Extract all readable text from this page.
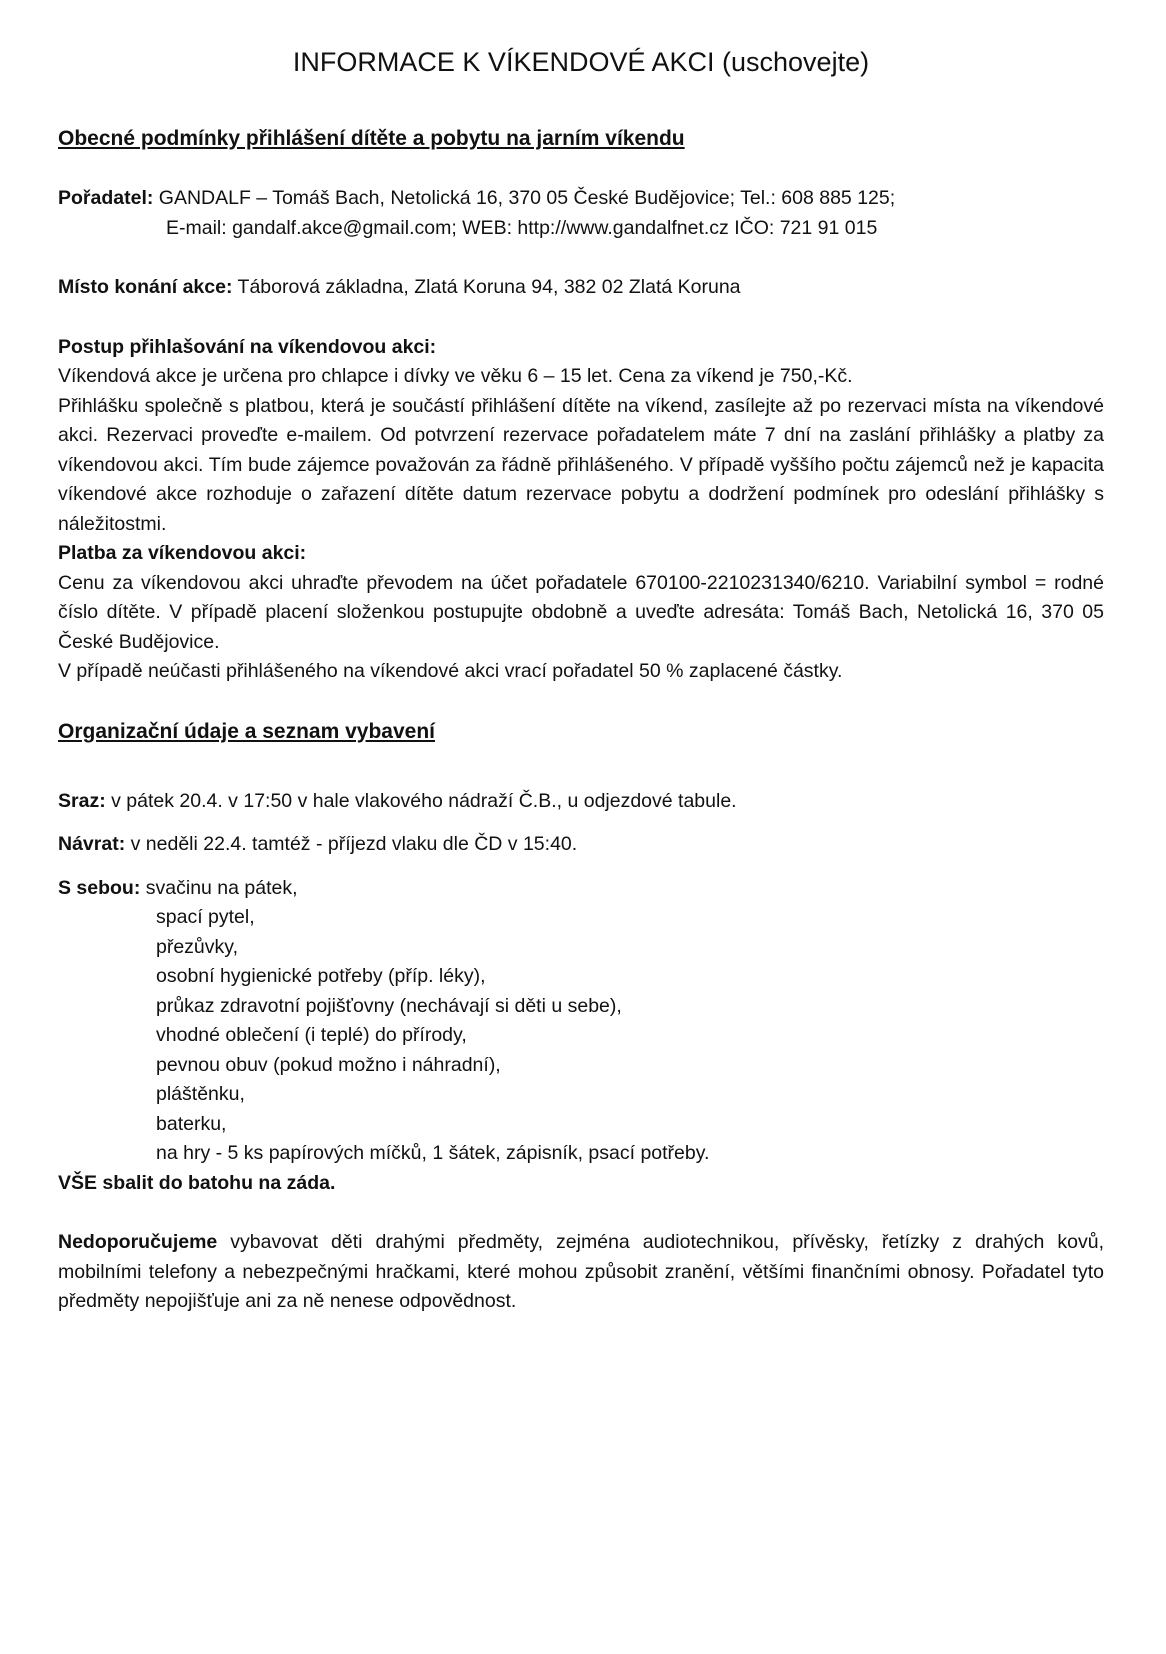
INFORMACE K VÍKENDOVÉ AKCI (uschovejte)
Obecné podmínky přihlášení dítěte a pobytu na jarním víkendu

Pořadatel: GANDALF – Tomáš Bach, Netolická 16, 370 05 České Budějovice; Tel.: 608 885 125;

E-mail: gandalf.akce@gmail.com; WEB: http://www.gandalfnet.cz IČO: 721 91 015

Místo konání akce: Táborová základna, Zlatá Koruna 94, 382 02 Zlatá Koruna

Postup přihlašování na víkendovou akci:

Víkendová akce je určena pro chlapce i dívky ve věku 6 – 15 let. Cena za víkend je 750,-Kč.

Přihlášku společně s platbou, která je součástí přihlášení dítěte na víkend, zasílejte až po rezervaci místa na víkendové akci. Rezervaci proveďte e-mailem. Od potvrzení rezervace pořadatelem máte 7 dní na zaslání přihlášky a platby za víkendovou akci. Tím bude zájemce považován za řádně přihlášeného. V případě vyššího počtu zájemců než je kapacita víkendové akce rozhoduje o zařazení dítěte datum rezervace pobytu a dodržení podmínek pro odeslání přihlášky s náležitostmi.

Platba za víkendovou akci:

Cenu za víkendovou akci uhraďte převodem na účet pořadatele 670100-2210231340/6210. Variabilní symbol = rodné číslo dítěte. V případě placení složenkou postupujte obdobně a uveďte adresáta: Tomáš Bach, Netolická 16, 370 05 České Budějovice.

V případě neúčasti přihlášeného na víkendové akci vrací pořadatel 50 % zaplacené částky.

Organizační údaje a seznam vybavení

Sraz: v pátek 20.4. v 17:50 v hale vlakového nádraží Č.B., u odjezdové tabule.

Návrat: v neděli 22.4. tamtéž - příjezd vlaku dle ČD v 15:40.

S sebou: svačinu na pátek,

spací pytel,
přezůvky,
osobní hygienické potřeby (příp. léky),
průkaz zdravotní pojišťovny (nechávají si děti u sebe),
vhodné oblečení (i teplé) do přírody,
pevnou obuv (pokud možno i náhradní),
pláštěnku,
baterku,
na hry - 5 ks papírových míčků, 1 šátek, zápisník, psací potřeby.

VŠE sbalit do batohu na záda.

Nedoporučujeme vybavovat děti drahými předměty, zejména audiotechnikou, přívěsky, řetízky z drahých kovů, mobilními telefony a nebezpečnými hračkami, které mohou způsobit zranění, většími finančními obnosy. Pořadatel tyto předměty nepojišťuje ani za ně nenese odpovědnost.
